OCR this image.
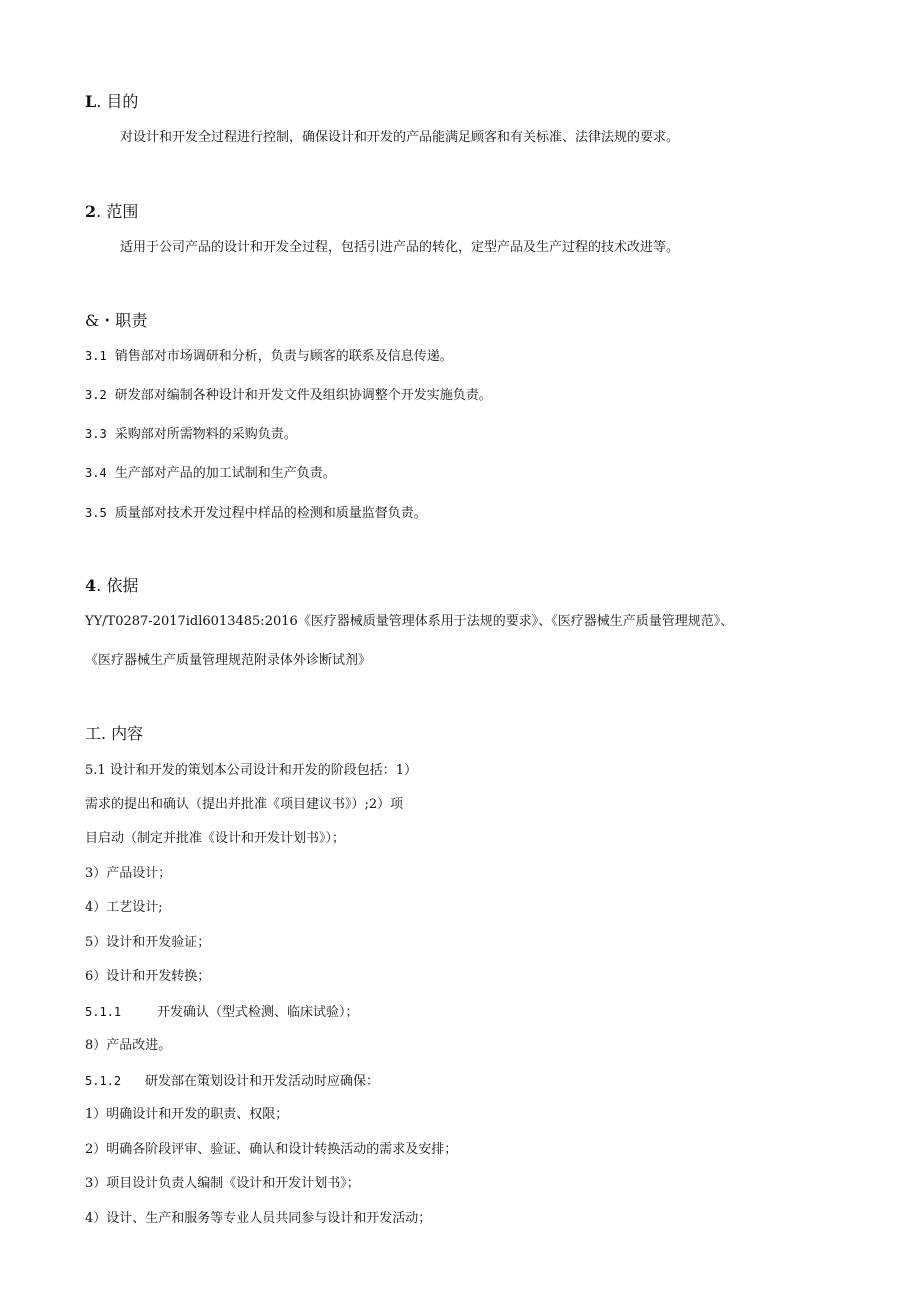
L. 目的
对设计和开发全过程进行控制，确保设计和开发的产品能满足顾客和有关标准、法律法规的要求。
2. 范围
适用于公司产品的设计和开发全过程，包括引进产品的转化，定型产品及生产过程的技术改进等。
&・职责
3.1 销售部对市场调研和分析，负责与顾客的联系及信息传递。
3.2 研发部对编制各种设计和开发文件及组织协调整个开发实施负责。
3.3 采购部对所需物料的采购负责。
3.4 生产部对产品的加工试制和生产负责。
3.5 质量部对技术开发过程中样品的检测和质量监督负责。
4. 依据
YY/T0287-2017idl6013485:2016《医疗器械质量管理体系用于法规的要求》、《医疗器械生产质量管理规范》、
《医疗器械生产质量管理规范附录体外诊断试剂》
工. 内容
5.1 设计和开发的策划本公司设计和开发的阶段包括：1）
需求的提出和确认（提出并批准《项目建议书》）;2）项
目启动（制定并批准《设计和开发计划书》）；
3）产品设计；
4）工艺设计;
5）设计和开发验证；
6）设计和开发转换；
5.1.1	开发确认（型式检测、临床试验）；
8）产品改进。
5.1.2 研发部在策划设计和开发活动时应确保：
1）明确设计和开发的职责、权限；
2）明确各阶段评审、验证、确认和设计转换活动的需求及安排；
3）项目设计负责人编制《设计和开发计划书》；
4）设计、生产和服务等专业人员共同参与设计和开发活动；
